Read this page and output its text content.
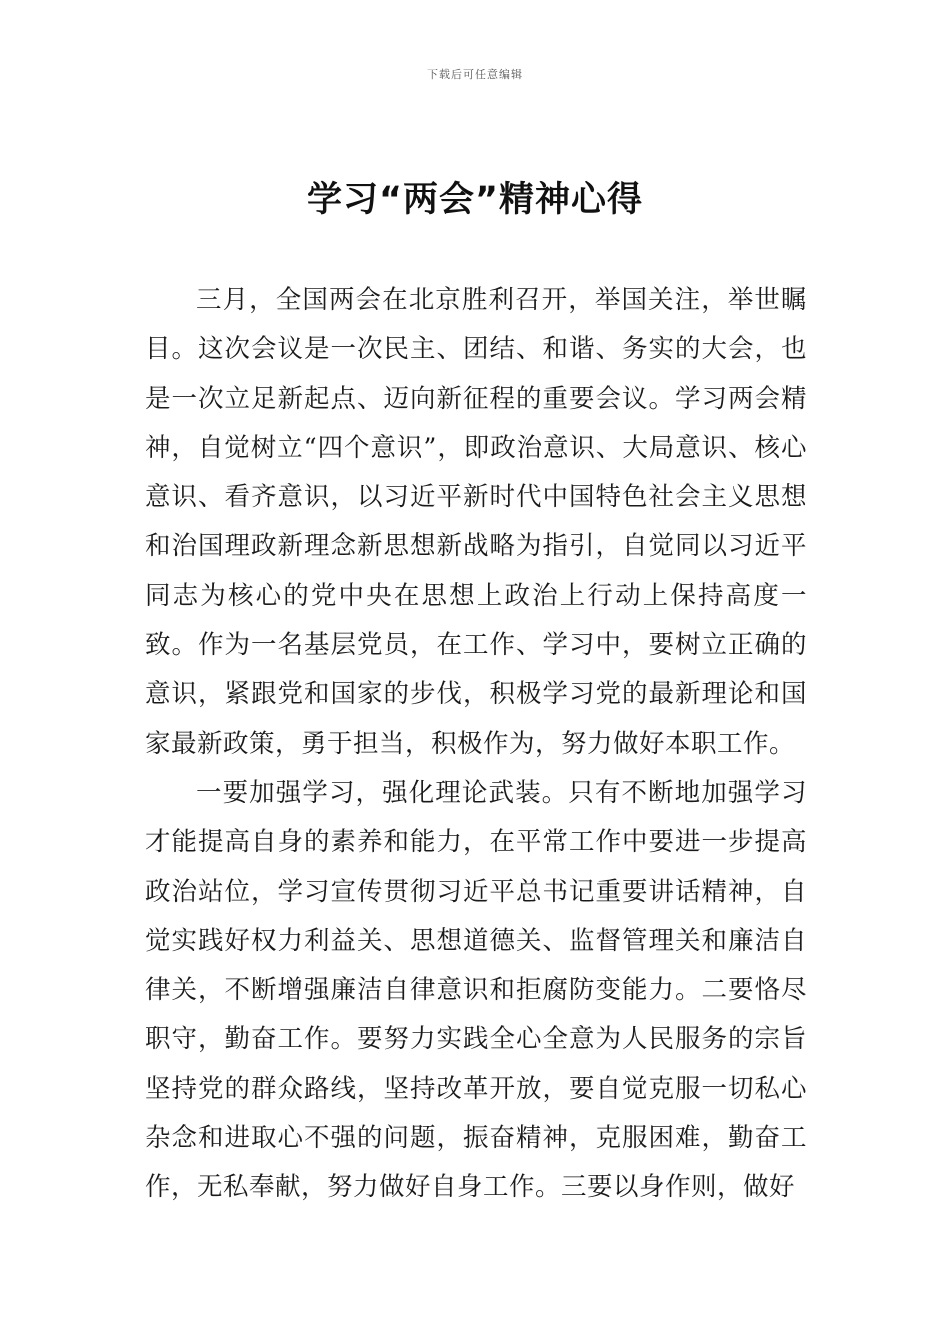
下载后可任意编辑
学习“两会”精神心得

三月，全国两会在北京胜利召开，举国关注，举世瞩目。这次会议是一次民主、团结、和谐、务实的大会，也是一次立足新起点、迈向新征程的重要会议。学习两会精神，自觉树立“四个意识”，即政治意识、大局意识、核心意识、看齐意识，以习近平新时代中国特色社会主义思想和治国理政新理念新思想新战略为指引，自觉同以习近平同志为核心的党中央在思想上政治上行动上保持高度一致。作为一名基层党员，在工作、学习中，要树立正确的意识，紧跟党和国家的步伐，积极学习党的最新理论和国家最新政策，勇于担当，积极作为，努力做好本职工作。

一要加强学习，强化理论武装。只有不断地加强学习才能提高自身的素养和能力，在平常工作中要进一步提高政治站位，学习宣传贯彻习近平总书记重要讲话精神，自觉实践好权力利益关、思想道德关、监督管理关和廉洁自律关，不断增强廉洁自律意识和拒腐防变能力。二要恪尽职守，勤奋工作。要努力实践全心全意为人民服务的宗旨坚持党的群众路线，坚持改革开放，要自觉克服一切私心杂念和进取心不强的问题，振奋精神，克服困难，勤奋工作，无私奉献，努力做好自身工作。三要以身作则，做好
